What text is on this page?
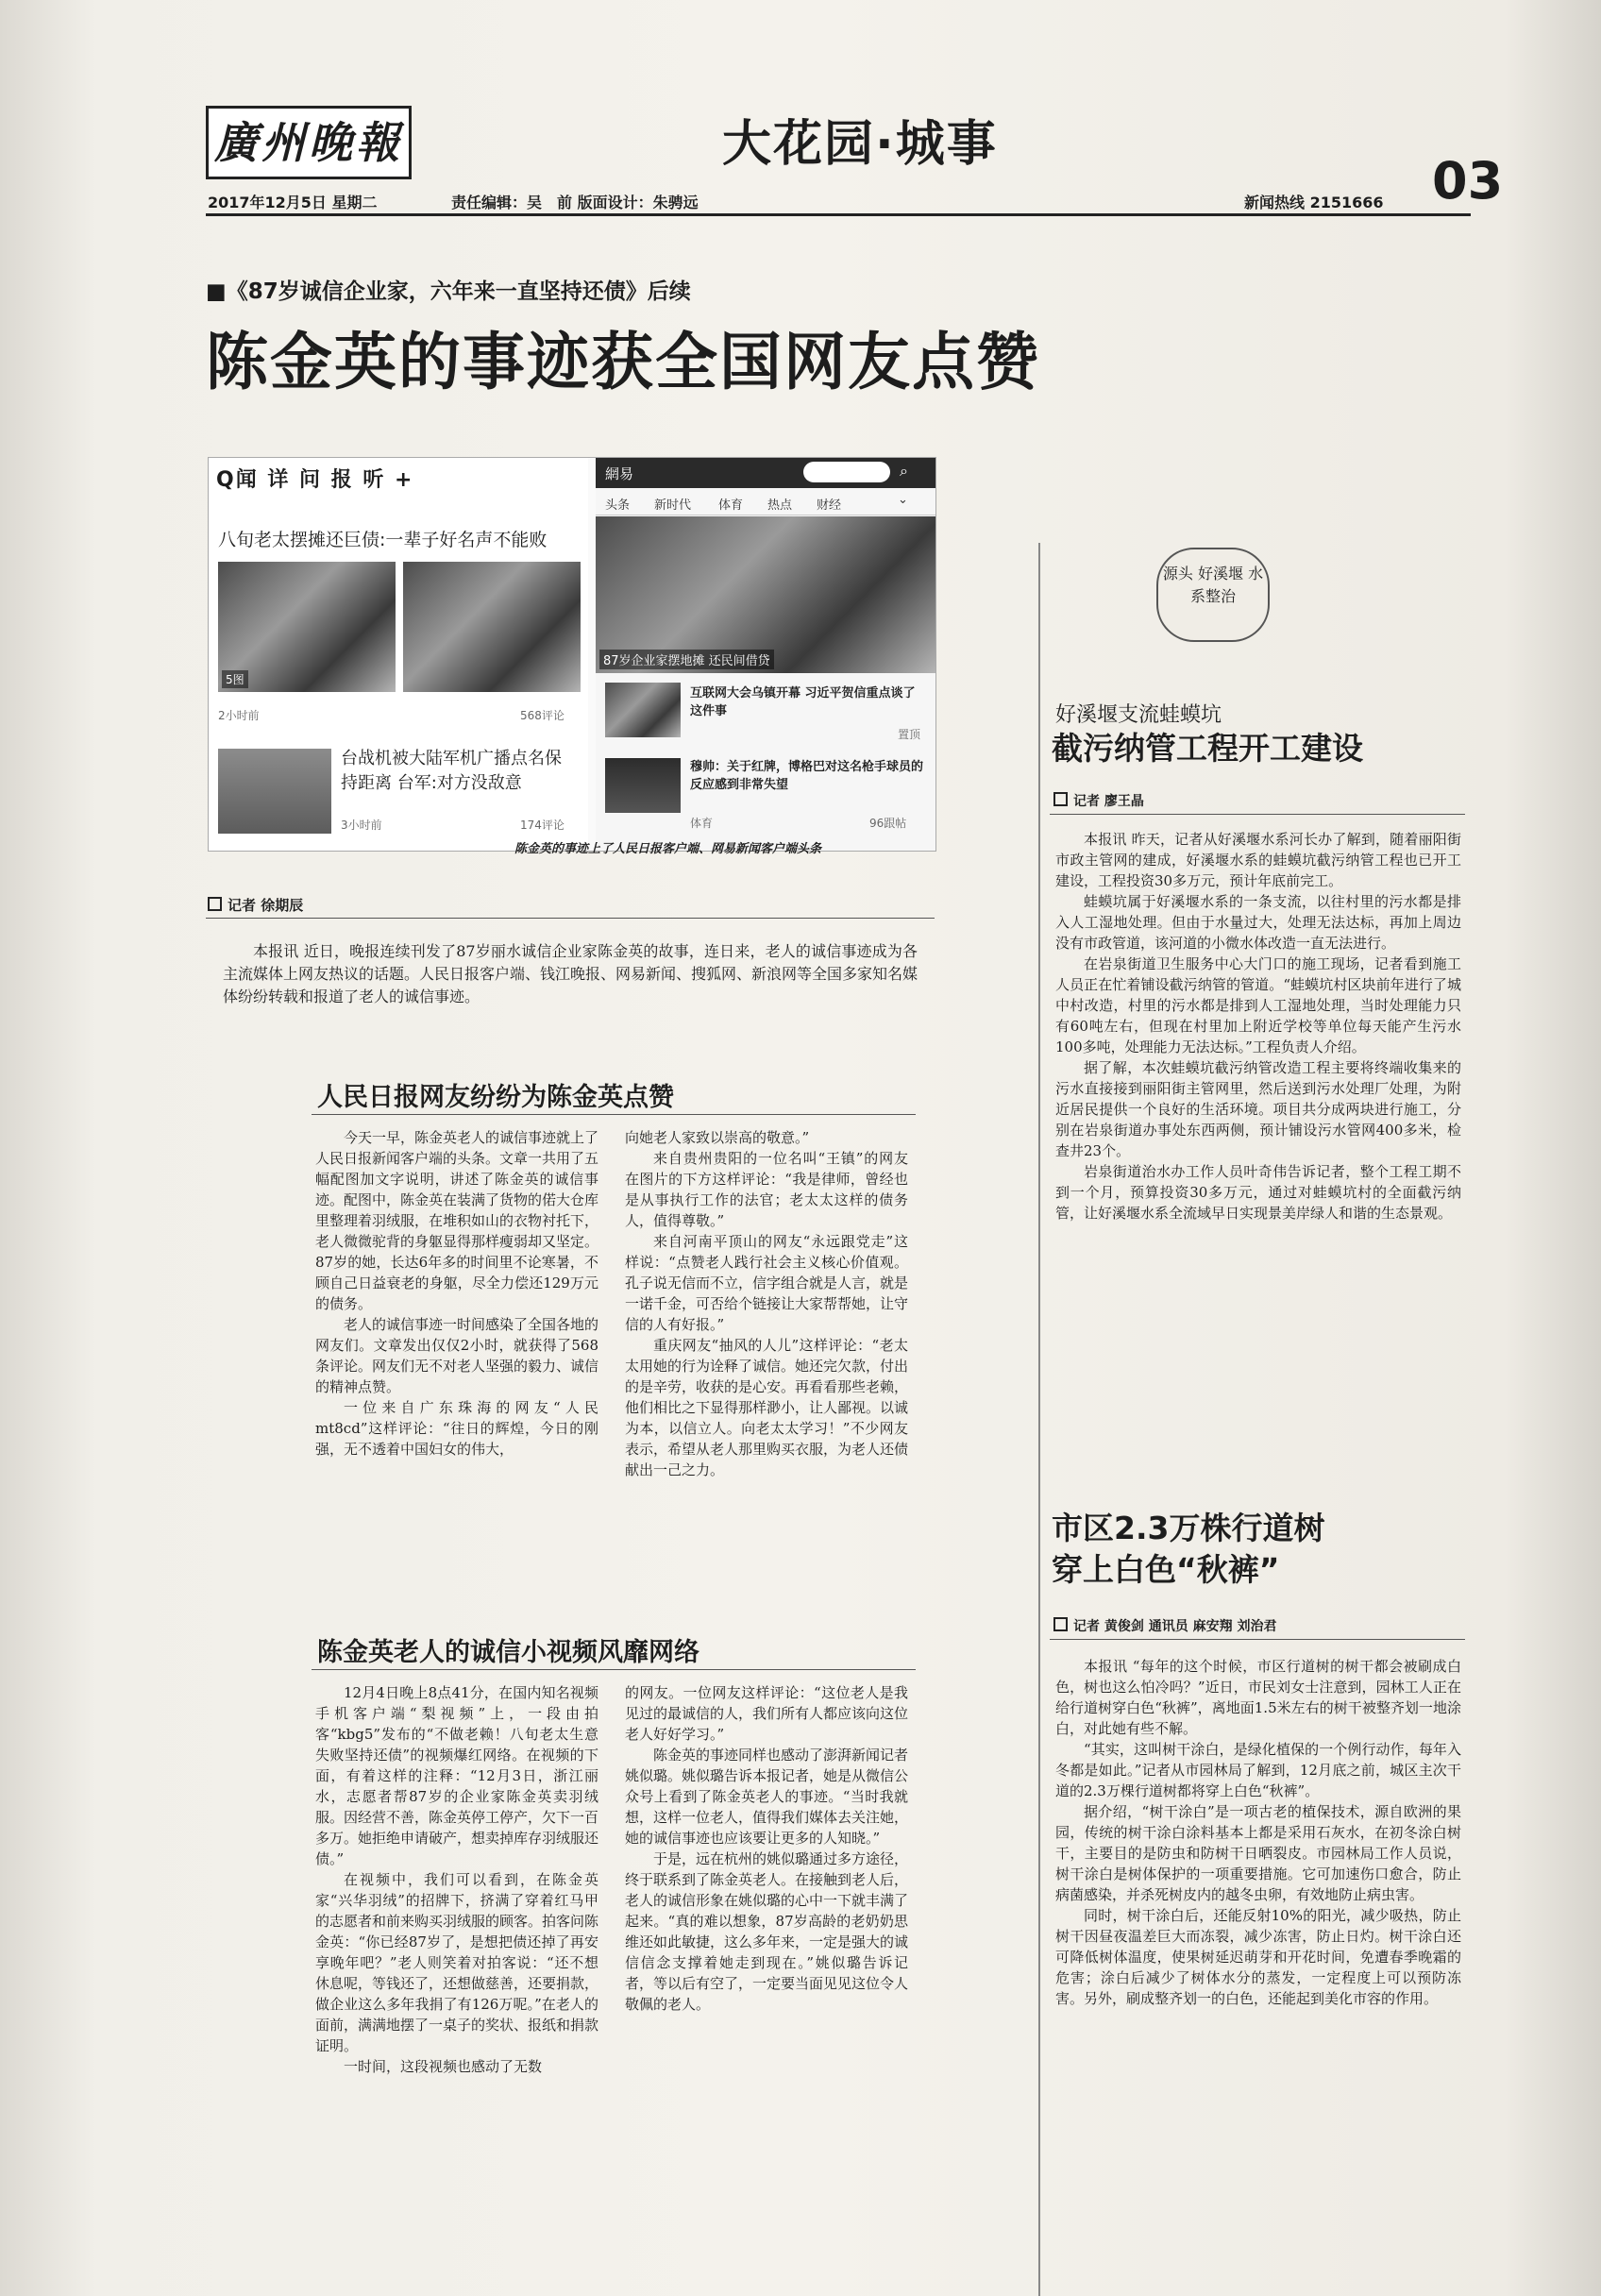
廣州晚報	大花园·城事
2017年12月5日 星期二	责任编辑：吴　前 版面设计：朱骋远	新闻热线 2151666 03
■《87岁诚信企业家，六年来一直坚持还债》后续
陈金英的事迹获全国网友点赞
Q闻 详 问 报 听 +
八旬老太摆摊还巨债:一辈子好名声不能败
5图
2小时前	568评论
台战机被大陆军机广播点名保持距离 台军:对方没敌意
3小时前	174评论
網易	⌕
头条 新时代 体育 热点 财经	⌄
87岁企业家摆地摊 还民间借贷
互联网大会乌镇开幕 习近平贺信重点谈了这件事
置顶
穆帅：关于红牌，博格巴对这名枪手球员的反应感到非常失望
体育	96跟帖
陈金英的事迹上了人民日报客户端、网易新闻客户端头条
记者 徐期辰

本报讯 近日，晚报连续刊发了87岁丽水诚信企业家陈金英的故事，连日来，老人的诚信事迹成为各主流媒体上网友热议的话题。人民日报客户端、钱江晚报、网易新闻、搜狐网、新浪网等全国多家知名媒体纷纷转载和报道了老人的诚信事迹。

人民日报网友纷纷为陈金英点赞

今天一早，陈金英老人的诚信事迹就上了人民日报新闻客户端的头条。文章一共用了五幅配图加文字说明，讲述了陈金英的诚信事迹。配图中，陈金英在装满了货物的偌大仓库里整理着羽绒服，在堆积如山的衣物衬托下，老人微微驼背的身躯显得那样瘦弱却又坚定。87岁的她，长达6年多的时间里不论寒暑，不顾自己日益衰老的身躯，尽全力偿还129万元的债务。

老人的诚信事迹一时间感染了全国各地的网友们。文章发出仅仅2小时，就获得了568条评论。网友们无不对老人坚强的毅力、诚信的精神点赞。

一位来自广东珠海的网友“人民mt8cd”这样评论：“往日的辉煌，今日的刚强，无不透着中国妇女的伟大，

向她老人家致以崇高的敬意。”

来自贵州贵阳的一位名叫“王镇”的网友在图片的下方这样评论：“我是律师，曾经也是从事执行工作的法官；老太太这样的债务人，值得尊敬。”

来自河南平顶山的网友“永远跟党走”这样说：“点赞老人践行社会主义核心价值观。孔子说无信而不立，信字组合就是人言，就是一诺千金，可否给个链接让大家帮帮她，让守信的人有好报。”

重庆网友“抽风的人儿”这样评论：“老太太用她的行为诠释了诚信。她还完欠款，付出的是辛劳，收获的是心安。再看看那些老赖，他们相比之下显得那样渺小，让人鄙视。以诚为本，以信立人。向老太太学习！”不少网友表示，希望从老人那里购买衣服，为老人还债献出一己之力。

陈金英老人的诚信小视频风靡网络

12月4日晚上8点41分，在国内知名视频手机客户端“梨视频”上，一段由拍客“kbg5”发布的“不做老赖！八旬老太生意失败坚持还债”的视频爆红网络。在视频的下面，有着这样的注释：“12月3日，浙江丽水，志愿者帮87岁的企业家陈金英卖羽绒服。因经营不善，陈金英停工停产，欠下一百多万。她拒绝申请破产，想卖掉库存羽绒服还债。”

在视频中，我们可以看到，在陈金英家“兴华羽绒”的招牌下，挤满了穿着红马甲的志愿者和前来购买羽绒服的顾客。拍客问陈金英：“你已经87岁了，是想把债还掉了再安享晚年吧？”老人则笑着对拍客说：“还不想休息呢，等钱还了，还想做慈善，还要捐款，做企业这么多年我捐了有126万呢。”在老人的面前，满满地摆了一桌子的奖状、报纸和捐款证明。

一时间，这段视频也感动了无数

的网友。一位网友这样评论：“这位老人是我见过的最诚信的人，我们所有人都应该向这位老人好好学习。”

陈金英的事迹同样也感动了澎湃新闻记者姚似璐。姚似璐告诉本报记者，她是从微信公众号上看到了陈金英老人的事迹。“当时我就想，这样一位老人，值得我们媒体去关注她，她的诚信事迹也应该要让更多的人知晓。”

于是，远在杭州的姚似璐通过多方途径，终于联系到了陈金英老人。在接触到老人后，老人的诚信形象在姚似璐的心中一下就丰满了起来。“真的难以想象，87岁高龄的老奶奶思维还如此敏捷，这么多年来，一定是强大的诚信信念支撑着她走到现在。”姚似璐告诉记者，等以后有空了，一定要当面见见这位令人敬佩的老人。

源头 好溪堰 水系整治
好溪堰支流蛙蟆坑
截污纳管工程开工建设
记者 廖王晶

本报讯 昨天，记者从好溪堰水系河长办了解到，随着丽阳街市政主管网的建成，好溪堰水系的蛙蟆坑截污纳管工程也已开工建设，工程投资30多万元，预计年底前完工。

蛙蟆坑属于好溪堰水系的一条支流，以往村里的污水都是排入人工湿地处理。但由于水量过大，处理无法达标，再加上周边没有市政管道，该河道的小微水体改造一直无法进行。

在岩泉街道卫生服务中心大门口的施工现场，记者看到施工人员正在忙着铺设截污纳管的管道。“蛙蟆坑村区块前年进行了城中村改造，村里的污水都是排到人工湿地处理，当时处理能力只有60吨左右，但现在村里加上附近学校等单位每天能产生污水100多吨，处理能力无法达标。”工程负责人介绍。

据了解，本次蛙蟆坑截污纳管改造工程主要将终端收集来的污水直接接到丽阳街主管网里，然后送到污水处理厂处理，为附近居民提供一个良好的生活环境。项目共分成两块进行施工，分别在岩泉街道办事处东西两侧，预计铺设污水管网400多米，检查井23个。

岩泉街道治水办工作人员叶奇伟告诉记者，整个工程工期不到一个月，预算投资30多万元，通过对蛙蟆坑村的全面截污纳管，让好溪堰水系全流域早日实现景美岸绿人和谐的生态景观。

市区2.3万株行道树
穿上白色“秋裤”
记者 黄俊剑 通讯员 麻安翔 刘治君

本报讯 “每年的这个时候，市区行道树的树干都会被刷成白色，树也这么怕冷吗？”近日，市民刘女士注意到，园林工人正在给行道树穿白色“秋裤”，离地面1.5米左右的树干被整齐划一地涂白，对此她有些不解。

“其实，这叫树干涂白，是绿化植保的一个例行动作，每年入冬都是如此。”记者从市园林局了解到，12月底之前，城区主次干道的2.3万棵行道树都将穿上白色“秋裤”。

据介绍，“树干涂白”是一项古老的植保技术，源自欧洲的果园，传统的树干涂白涂料基本上都是采用石灰水，在初冬涂白树干，主要目的是防虫和防树干日晒裂皮。市园林局工作人员说，树干涂白是树体保护的一项重要措施。它可加速伤口愈合，防止病菌感染，并杀死树皮内的越冬虫卵，有效地防止病虫害。

同时，树干涂白后，还能反射10%的阳光，减少吸热，防止树干因昼夜温差巨大而冻裂，减少冻害，防止日灼。树干涂白还可降低树体温度，使果树延迟萌芽和开花时间，免遭春季晚霜的危害；涂白后减少了树体水分的蒸发，一定程度上可以预防冻害。另外，刷成整齐划一的白色，还能起到美化市容的作用。
